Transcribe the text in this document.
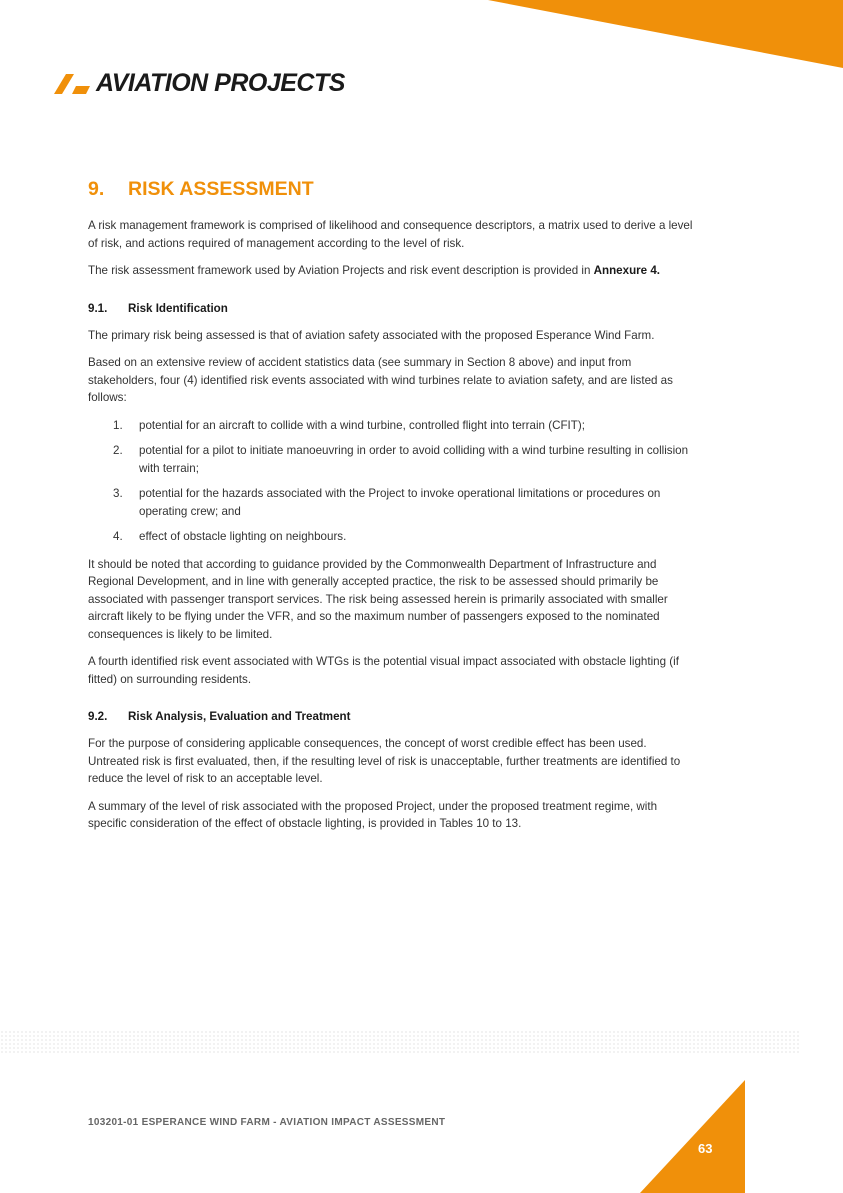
AVIATION PROJECTS
9.	RISK ASSESSMENT

A risk management framework is comprised of likelihood and consequence descriptors, a matrix used to derive a level of risk, and actions required of management according to the level of risk.

The risk assessment framework used by Aviation Projects and risk event description is provided in Annexure 4.

9.1.	Risk Identification

The primary risk being assessed is that of aviation safety associated with the proposed Esperance Wind Farm.

Based on an extensive review of accident statistics data (see summary in Section 8 above) and input from stakeholders, four (4) identified risk events associated with wind turbines relate to aviation safety, and are listed as follows:

1.	potential for an aircraft to collide with a wind turbine, controlled flight into terrain (CFIT);
2.	potential for a pilot to initiate manoeuvring in order to avoid colliding with a wind turbine resulting in collision with terrain;
3.	potential for the hazards associated with the Project to invoke operational limitations or procedures on operating crew; and
4.	effect of obstacle lighting on neighbours.

It should be noted that according to guidance provided by the Commonwealth Department of Infrastructure and Regional Development, and in line with generally accepted practice, the risk to be assessed should primarily be associated with passenger transport services. The risk being assessed herein is primarily associated with smaller aircraft likely to be flying under the VFR, and so the maximum number of passengers exposed to the nominated consequences is likely to be limited.

A fourth identified risk event associated with WTGs is the potential visual impact associated with obstacle lighting (if fitted) on surrounding residents.

9.2.	Risk Analysis, Evaluation and Treatment

For the purpose of considering applicable consequences, the concept of worst credible effect has been used. Untreated risk is first evaluated, then, if the resulting level of risk is unacceptable, further treatments are identified to reduce the level of risk to an acceptable level.

A summary of the level of risk associated with the proposed Project, under the proposed treatment regime, with specific consideration of the effect of obstacle lighting, is provided in Tables 10 to 13.

103201-01 ESPERANCE WIND FARM - AVIATION IMPACT ASSESSMENT
63
